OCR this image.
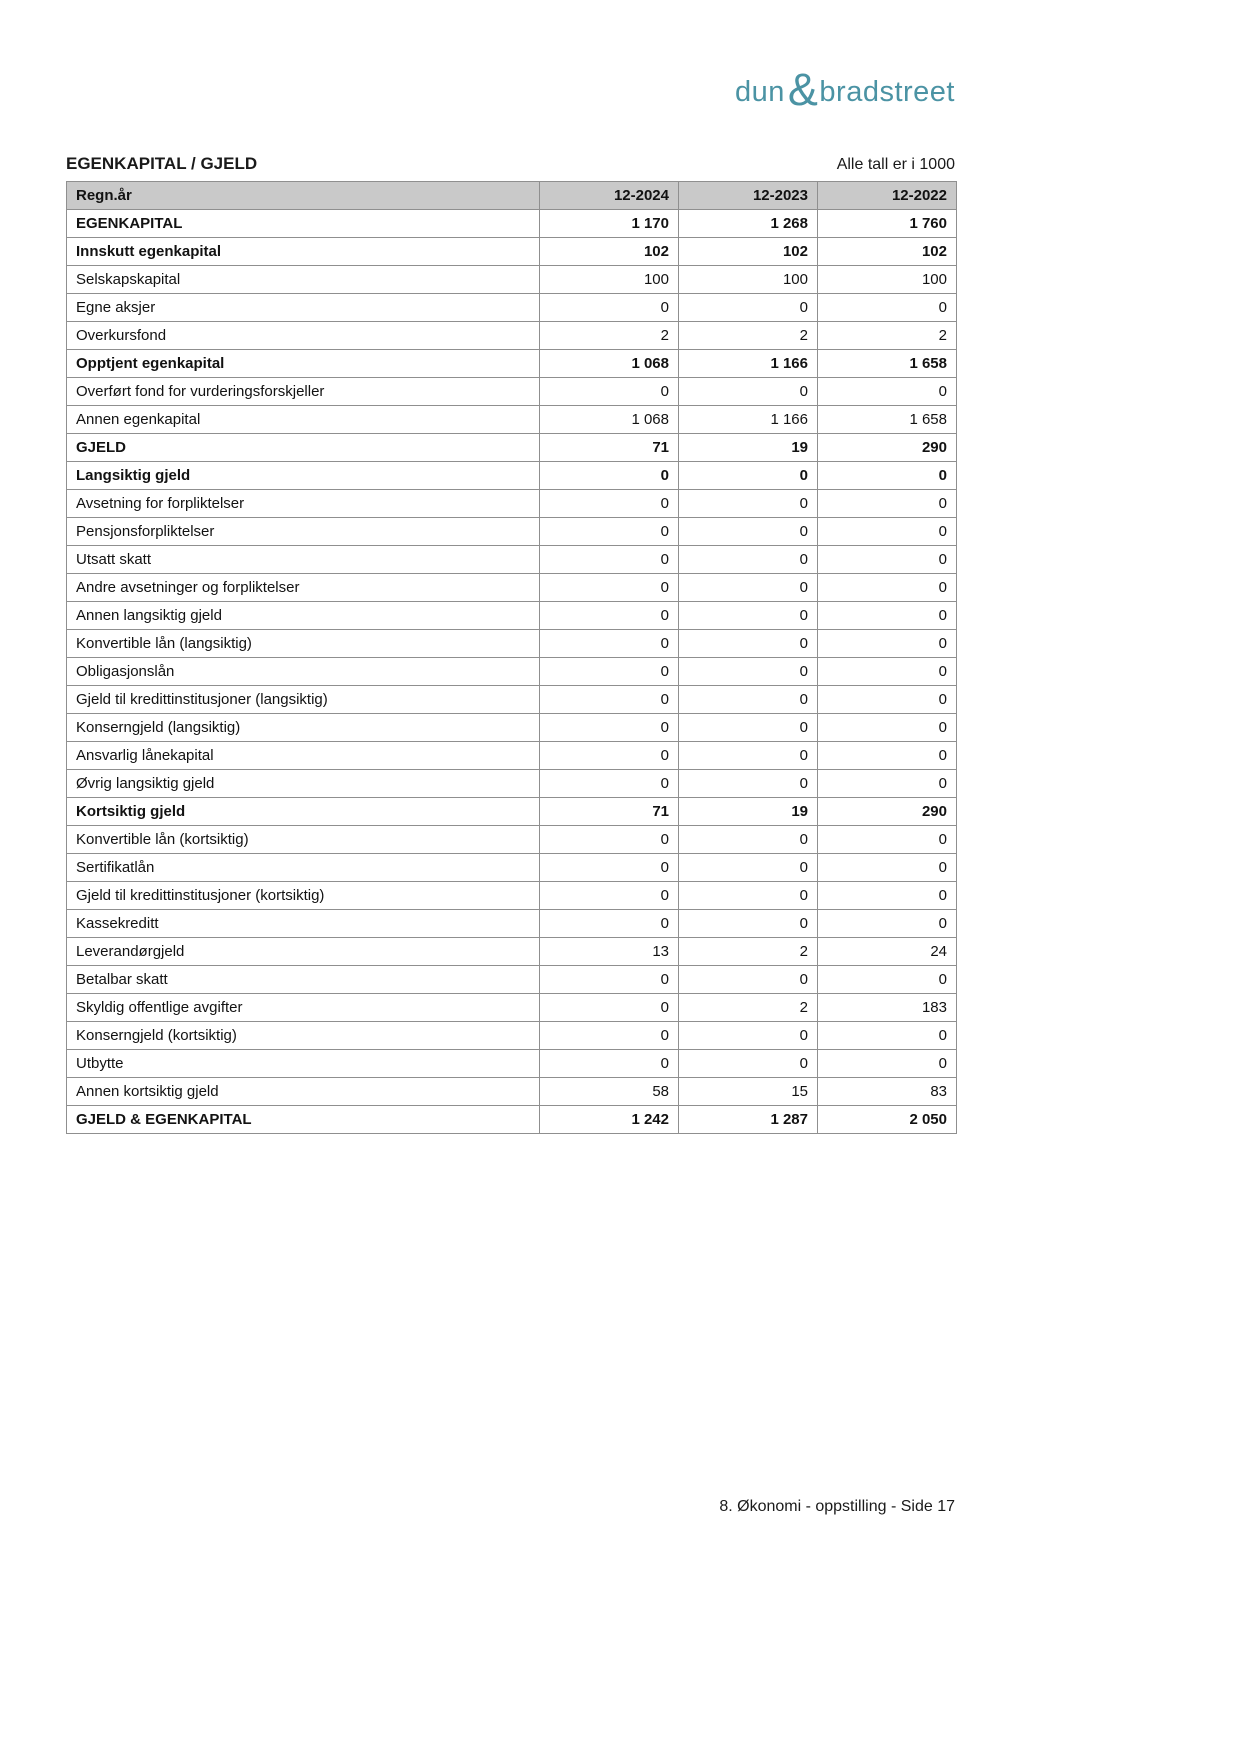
dun & bradstreet
EGENKAPITAL / GJELD	Alle tall er i 1000
Regn.år	12-2024	12-2023	12-2022
EGENKAPITAL	1 170	1 268	1 760
Innskutt egenkapital	102	102	102
Selskapskapital	100	100	100
Egne aksjer	0	0	0
Overkursfond	2	2	2
Opptjent egenkapital	1 068	1 166	1 658
Overført fond for vurderingsforskjeller	0	0	0
Annen egenkapital	1 068	1 166	1 658
GJELD	71	19	290
Langsiktig gjeld	0	0	0
Avsetning for forpliktelser	0	0	0
Pensjonsforpliktelser	0	0	0
Utsatt skatt	0	0	0
Andre avsetninger og forpliktelser	0	0	0
Annen langsiktig gjeld	0	0	0
Konvertible lån (langsiktig)	0	0	0
Obligasjonslån	0	0	0
Gjeld til kredittinstitusjoner (langsiktig)	0	0	0
Konserngjeld (langsiktig)	0	0	0
Ansvarlig lånekapital	0	0	0
Øvrig langsiktig gjeld	0	0	0
Kortsiktig gjeld	71	19	290
Konvertible lån (kortsiktig)	0	0	0
Sertifikatlån	0	0	0
Gjeld til kredittinstitusjoner (kortsiktig)	0	0	0
Kassekreditt	0	0	0
Leverandørgjeld	13	2	24
Betalbar skatt	0	0	0
Skyldig offentlige avgifter	0	2	183
Konserngjeld (kortsiktig)	0	0	0
Utbytte	0	0	0
Annen kortsiktig gjeld	58	15	83
GJELD & EGENKAPITAL	1 242	1 287	2 050
8. Økonomi - oppstilling - Side 17
